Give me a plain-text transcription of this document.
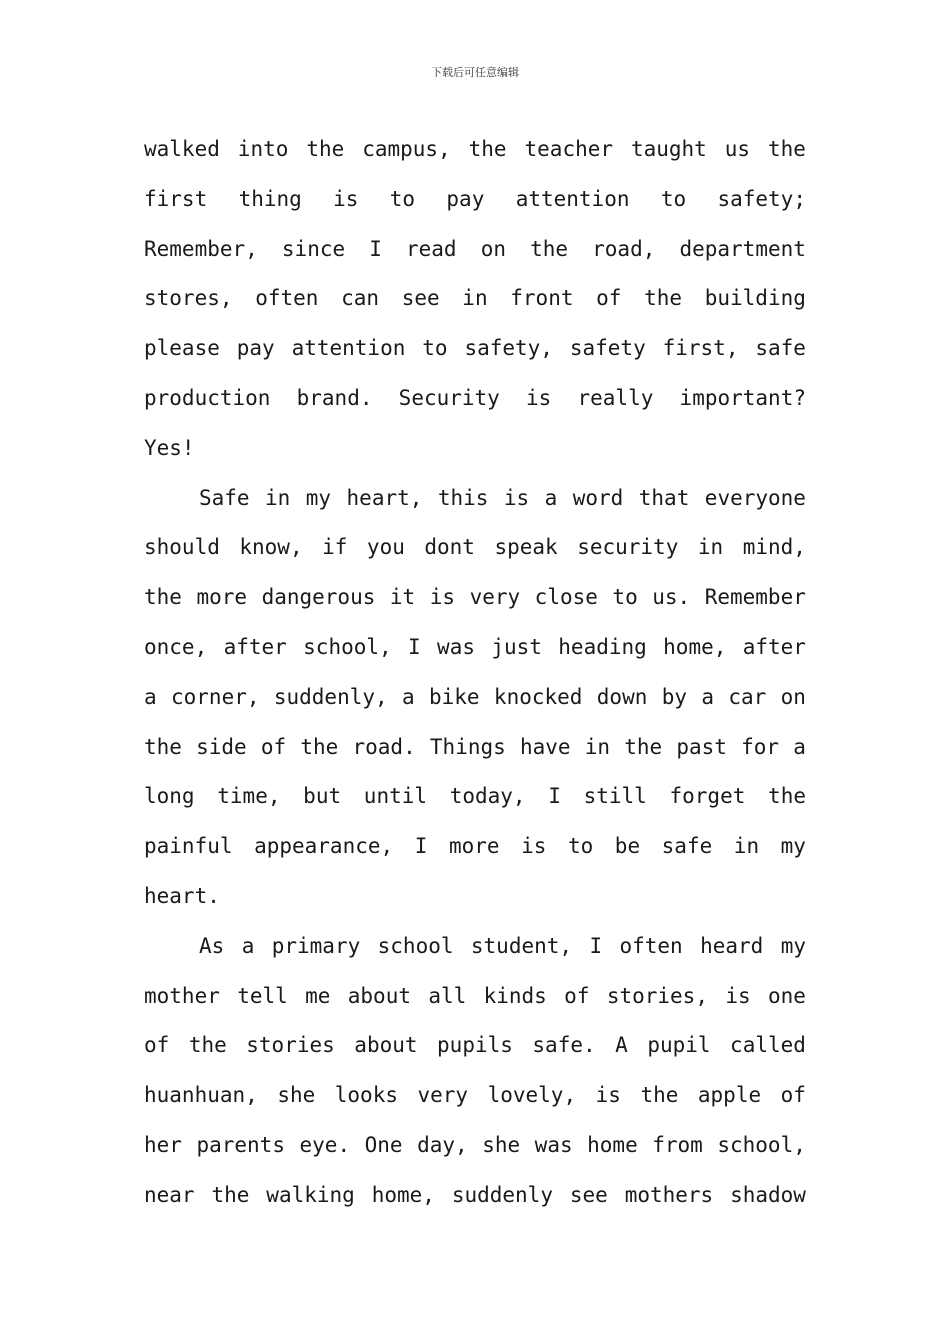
下载后可任意编辑
walked into the campus, the teacher taught us the
first thing is to pay attention to safety;
Remember, since I read on the road, department
stores, often can see in front of the building
please pay attention to safety, safety first, safe
production brand. Security is really important?
Yes!
Safe in my heart, this is a word that everyone
should know, if you dont speak security in mind,
the more dangerous it is very close to us. Remember
once, after school, I was just heading home, after
a corner, suddenly, a bike knocked down by a car on
the side of the road. Things have in the past for a
long time, but until today, I still forget the
painful appearance, I more is to be safe in my
heart.
As a primary school student, I often heard my
mother tell me about all kinds of stories, is one
of the stories about pupils safe. A pupil called
huanhuan, she looks very lovely, is the apple of
her parents eye. One day, she was home from school,
near the walking home, suddenly see mothers shadow
